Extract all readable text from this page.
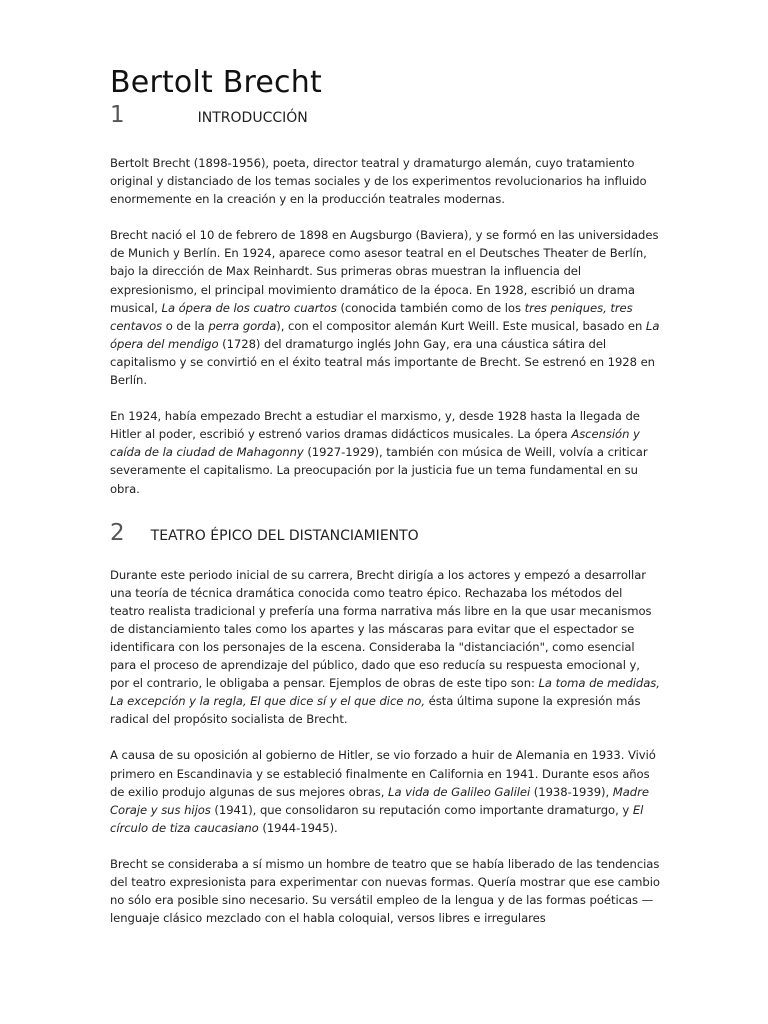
Bertolt Brecht
1	INTRODUCCIÓN

Bertolt Brecht (1898-1956), poeta, director teatral y dramaturgo alemán, cuyo tratamiento original y distanciado de los temas sociales y de los experimentos revolucionarios ha influido enormemente en la creación y en la producción teatrales modernas.

Brecht nació el 10 de febrero de 1898 en Augsburgo (Baviera), y se formó en las universidades de Munich y Berlín. En 1924, aparece como asesor teatral en el Deutsches Theater de Berlín, bajo la dirección de Max Reinhardt. Sus primeras obras muestran la influencia del expresionismo, el principal movimiento dramático de la época. En 1928, escribió un drama musical, La ópera de los cuatro cuartos (conocida también como de los tres peniques, tres centavos o de la perra gorda), con el compositor alemán Kurt Weill. Este musical, basado en La ópera del mendigo (1728) del dramaturgo inglés John Gay, era una cáustica sátira del capitalismo y se convirtió en el éxito teatral más importante de Brecht. Se estrenó en 1928 en Berlín.

En 1924, había empezado Brecht a estudiar el marxismo, y, desde 1928 hasta la llegada de Hitler al poder, escribió y estrenó varios dramas didácticos musicales. La ópera Ascensión y caída de la ciudad de Mahagonny (1927-1929), también con música de Weill, volvía a criticar severamente el capitalismo. La preocupación por la justicia fue un tema fundamental en su obra.

2 TEATRO ÉPICO DEL DISTANCIAMIENTO

Durante este periodo inicial de su carrera, Brecht dirigía a los actores y empezó a desarrollar una teoría de técnica dramática conocida como teatro épico. Rechazaba los métodos del teatro realista tradicional y prefería una forma narrativa más libre en la que usar mecanismos de distanciamiento tales como los apartes y las máscaras para evitar que el espectador se identificara con los personajes de la escena. Consideraba la "distanciación", como esencial para el proceso de aprendizaje del público, dado que eso reducía su respuesta emocional y, por el contrario, le obligaba a pensar. Ejemplos de obras de este tipo son: La toma de medidas, La excepción y la regla, El que dice sí y el que dice no, ésta última supone la expresión más radical del propósito socialista de Brecht.

A causa de su oposición al gobierno de Hitler, se vio forzado a huir de Alemania en 1933. Vivió primero en Escandinavia y se estableció finalmente en California en 1941. Durante esos años de exilio produjo algunas de sus mejores obras, La vida de Galileo Galilei (1938-1939), Madre Coraje y sus hijos (1941), que consolidaron su reputación como importante dramaturgo, y El círculo de tiza caucasiano (1944-1945).

Brecht se consideraba a sí mismo un hombre de teatro que se había liberado de las tendencias del teatro expresionista para experimentar con nuevas formas. Quería mostrar que ese cambio no sólo era posible sino necesario. Su versátil empleo de la lengua y de las formas poéticas —lenguaje clásico mezclado con el habla coloquial, versos libres e irregulares
